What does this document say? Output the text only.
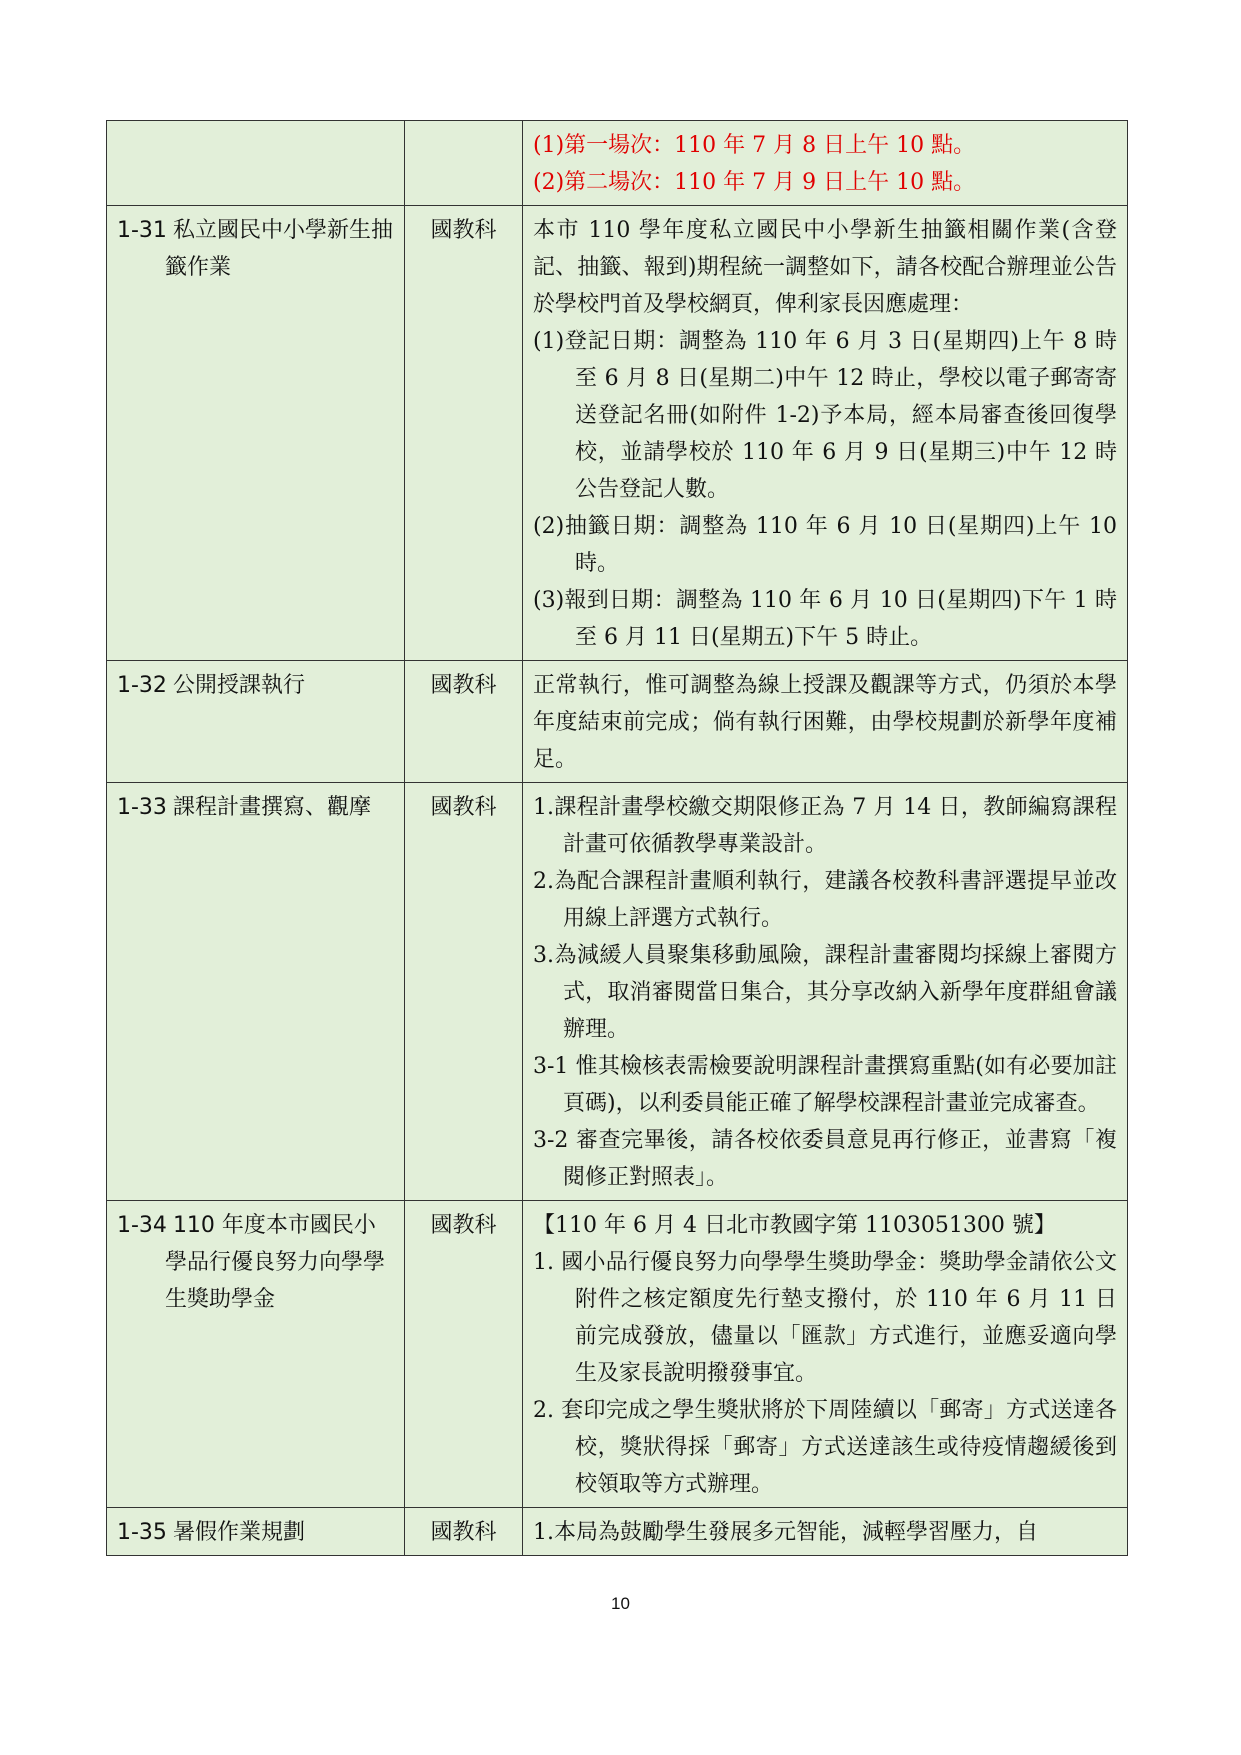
		(1)第一場次：110 年 7 月 8 日上午 10 點。

(2)第二場次：110 年 7 月 9 日上午 10 點。

1-31 私立國民中小學新生抽籤作業	國教科	本市 110 學年度私立國民中小學新生抽籤相關作業(含登記、抽籤、報到)期程統一調整如下，請各校配合辦理並公告於學校門首及學校網頁，俾利家長因應處理：

(1)登記日期：調整為 110 年 6 月 3 日(星期四)上午 8 時至 6 月 8 日(星期二)中午 12 時止，學校以電子郵寄寄送登記名冊(如附件 1-2)予本局，經本局審查後回復學校，並請學校於 110 年 6 月 9 日(星期三)中午 12 時公告登記人數。

(2)抽籤日期：調整為 110 年 6 月 10 日(星期四)上午 10 時。

(3)報到日期：調整為 110 年 6 月 10 日(星期四)下午 1 時至 6 月 11 日(星期五)下午 5 時止。

1-32 公開授課執行	國教科	正常執行，惟可調整為線上授課及觀課等方式，仍須於本學年度結束前完成；倘有執行困難，由學校規劃於新學年度補足。

1-33 課程計畫撰寫、觀摩	國教科	1.課程計畫學校繳交期限修正為 7 月 14 日，教師編寫課程計畫可依循教學專業設計。

2.為配合課程計畫順利執行，建議各校教科書評選提早並改用線上評選方式執行。

3.為減緩人員聚集移動風險，課程計畫審閱均採線上審閱方式，取消審閱當日集合，其分享改納入新學年度群組會議辦理。

3-1 惟其檢核表需檢要說明課程計畫撰寫重點(如有必要加註頁碼)，以利委員能正確了解學校課程計畫並完成審查。

3-2 審查完畢後，請各校依委員意見再行修正，並書寫「複閱修正對照表」。

1-34 110 年度本市國民小學品行優良努力向學學生獎助學金	國教科	【110 年 6 月 4 日北市教國字第 1103051300 號】

1. 國小品行優良努力向學學生獎助學金：獎助學金請依公文附件之核定額度先行墊支撥付，於 110 年 6 月 11 日前完成發放，儘量以「匯款」方式進行，並應妥適向學生及家長說明撥發事宜。

2. 套印完成之學生獎狀將於下周陸續以「郵寄」方式送達各校，獎狀得採「郵寄」方式送達該生或待疫情趨緩後到校領取等方式辦理。

1-35 暑假作業規劃	國教科	1.本局為鼓勵學生發展多元智能，減輕學習壓力，自

10
